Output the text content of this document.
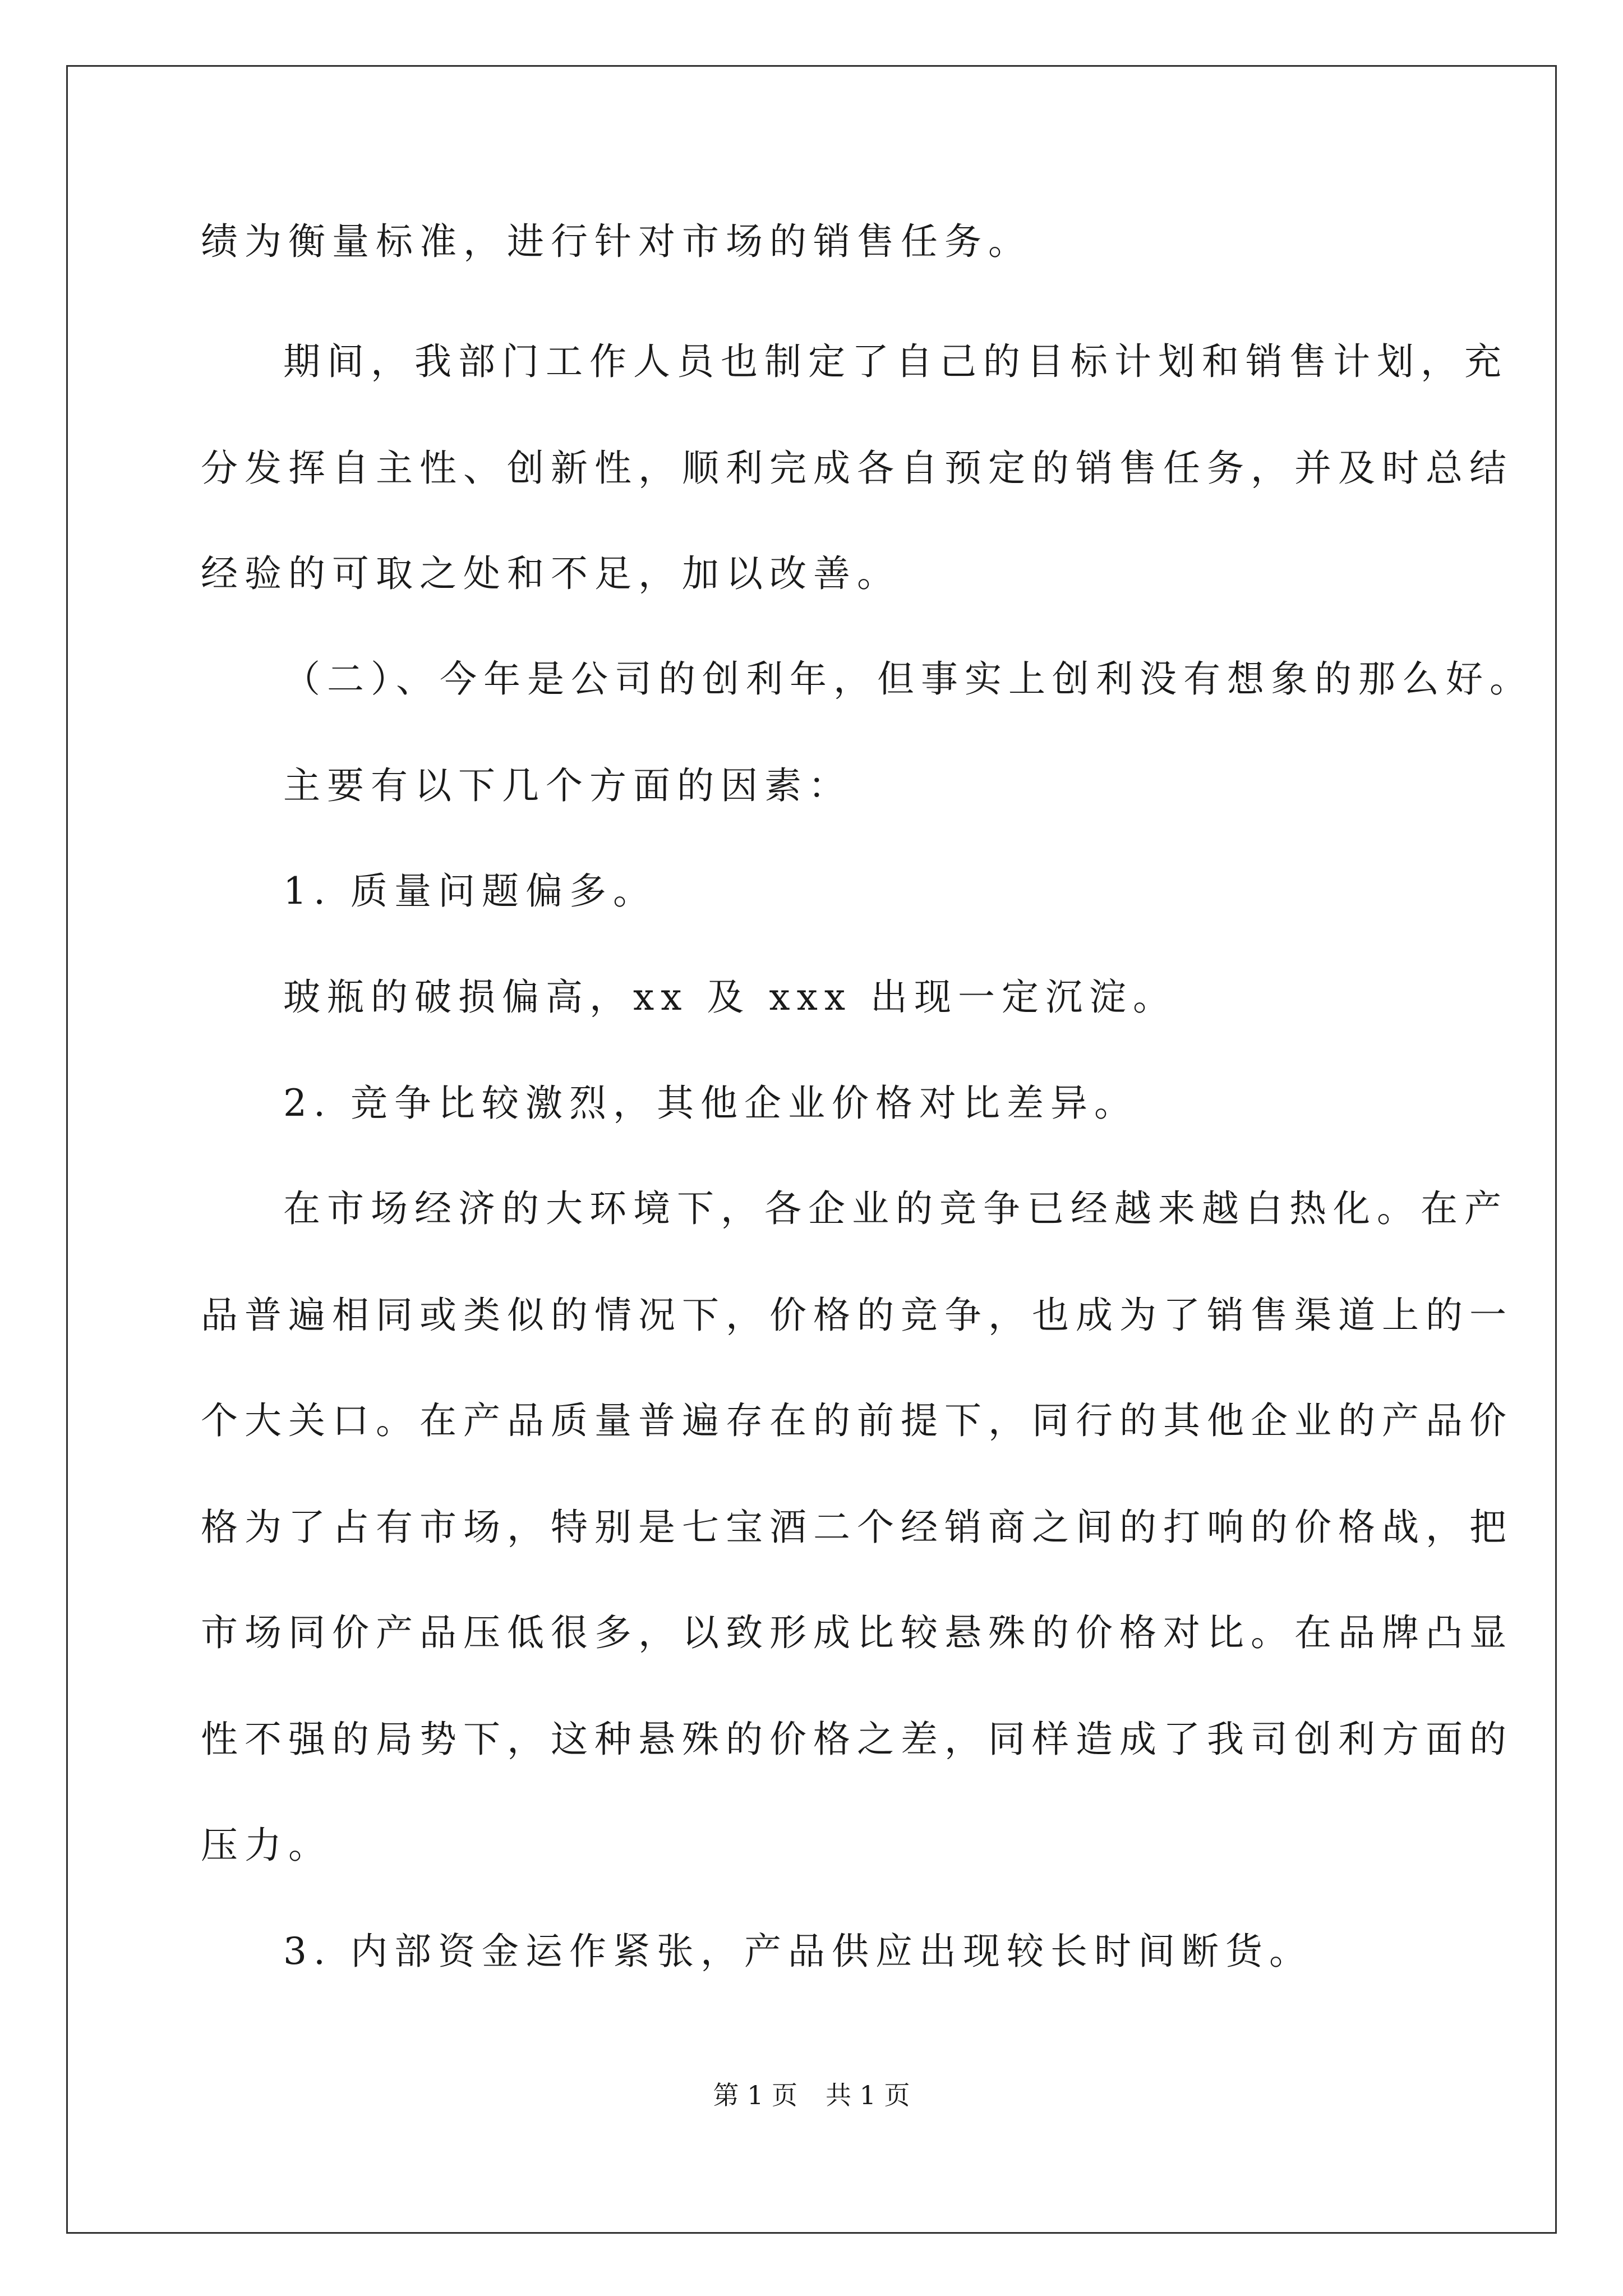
绩为衡量标准，进行针对市场的销售任务。
期间，我部门工作人员也制定了自己的目标计划和销售计划，充
分发挥自主性、创新性，顺利完成各自预定的销售任务，并及时总结
经验的可取之处和不足，加以改善。
（二）、今年是公司的创利年，但事实上创利没有想象的那么好。
主要有以下几个方面的因素：
1. 质量问题偏多。
玻瓶的破损偏高，xx 及 xxx 出现一定沉淀。
2. 竞争比较激烈，其他企业价格对比差异。
在市场经济的大环境下，各企业的竞争已经越来越白热化。在产
品普遍相同或类似的情况下，价格的竞争，也成为了销售渠道上的一
个大关口。在产品质量普遍存在的前提下，同行的其他企业的产品价
格为了占有市场，特别是七宝酒二个经销商之间的打响的价格战，把
市场同价产品压低很多，以致形成比较悬殊的价格对比。在品牌凸显
性不强的局势下，这种悬殊的价格之差，同样造成了我司创利方面的
压力。
3. 内部资金运作紧张，产品供应出现较长时间断货。
第 1 页 共 1 页
